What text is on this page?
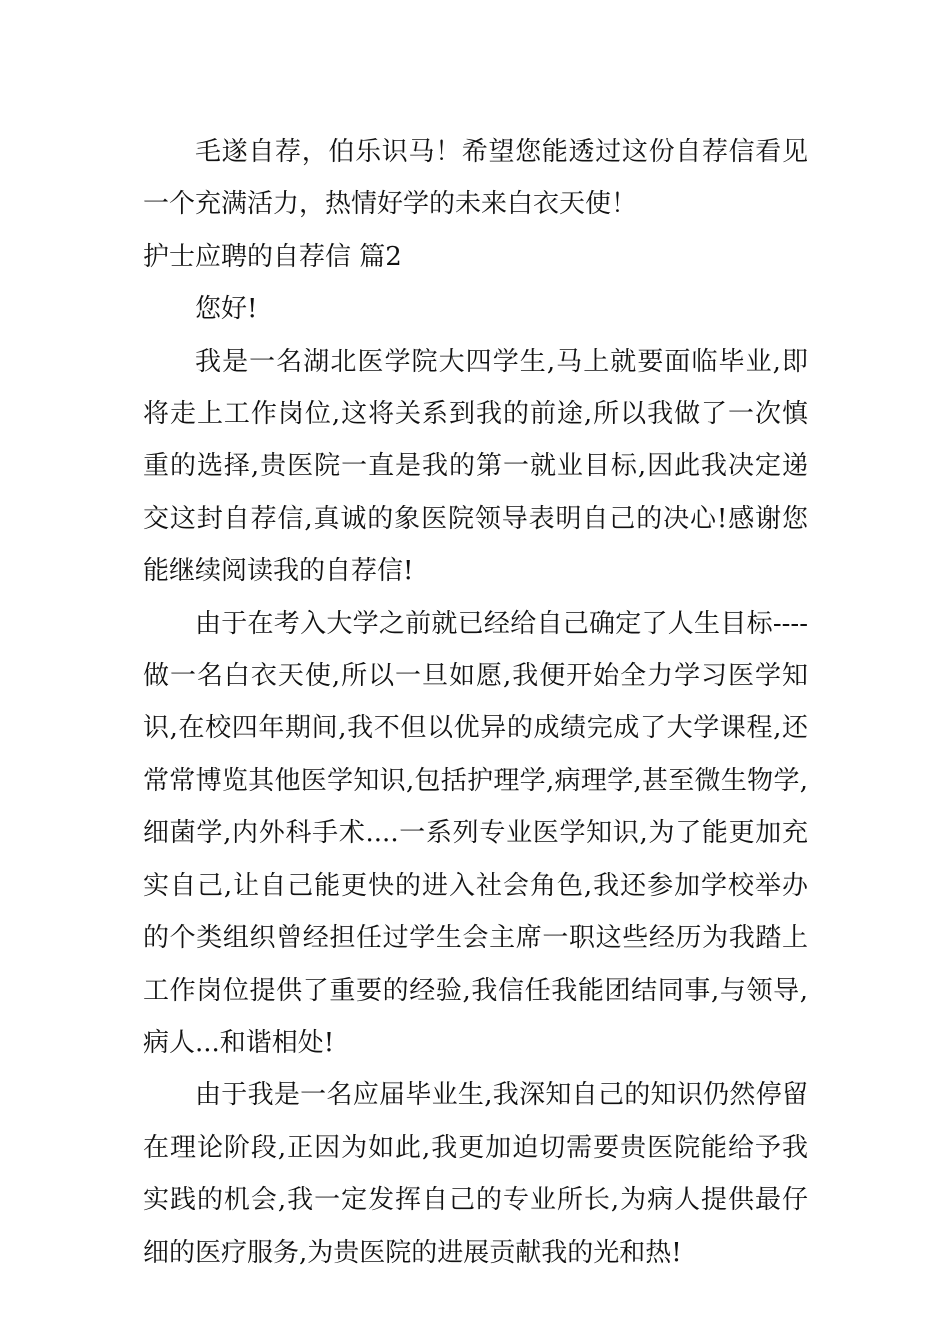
毛遂自荐，伯乐识马！希望您能透过这份自荐信看见一个充满活力，热情好学的未来白衣天使！

护士应聘的自荐信 篇2

您好!

我是一名湖北医学院大四学生,马上就要面临毕业,即将走上工作岗位,这将关系到我的前途,所以我做了一次慎重的选择,贵医院一直是我的第一就业目标,因此我决定递交这封自荐信,真诚的象医院领导表明自己的决心!感谢您能继续阅读我的自荐信!

由于在考入大学之前就已经给自己确定了人生目标----做一名白衣天使,所以一旦如愿,我便开始全力学习医学知识,在校四年期间,我不但以优异的成绩完成了大学课程,还常常博览其他医学知识,包括护理学,病理学,甚至微生物学,细菌学,内外科手术....一系列专业医学知识,为了能更加充实自己,让自己能更快的进入社会角色,我还参加学校举办的个类组织曾经担任过学生会主席一职这些经历为我踏上工作岗位提供了重要的经验,我信任我能团结同事,与领导,病人...和谐相处!

由于我是一名应届毕业生,我深知自己的知识仍然停留在理论阶段,正因为如此,我更加迫切需要贵医院能给予我实践的机会,我一定发挥自己的专业所长,为病人提供最仔细的医疗服务,为贵医院的进展贡献我的光和热!
